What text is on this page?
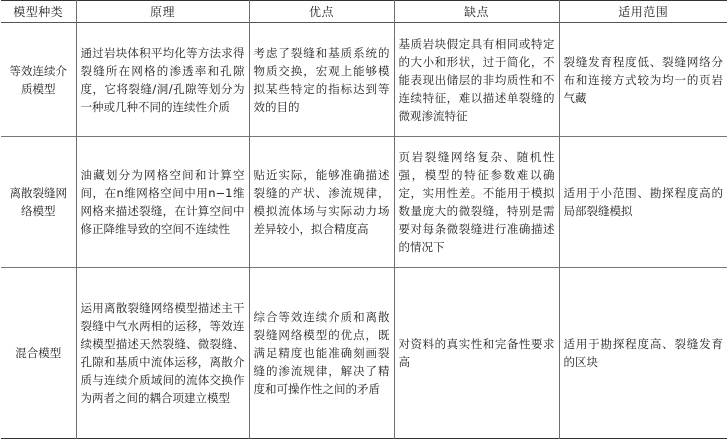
模型种类	原理	优点	缺点	适用范围
等效连续介质模型	通过岩块体积平均化等方法求得裂缝所在网格的渗透率和孔隙度，它将裂缝/洞/孔隙等划分为一种或几种不同的连续性介质	考虑了裂缝和基质系统的物质交换，宏观上能够模拟某些特定的指标达到等效的目的	基质岩块假定具有相同或特定的大小和形状，过于简化，不能表现出储层的非均质性和不连续特征，难以描述单裂缝的微观渗流特征	裂缝发育程度低、裂缝网络分布和连接方式较为均一的页岩气藏
离散裂缝网络模型	油藏划分为网格空间和计算空间，在n维网格空间中用n−1维网格来描述裂缝，在计算空间中修正降维导致的空间不连续性	贴近实际，能够准确描述裂缝的产状、渗流规律，模拟流体场与实际动力场差异较小，拟合精度高	页岩裂缝网络复杂、随机性强，模型的特征参数难以确定，实用性差。不能用于模拟数量庞大的微裂缝，特别是需要对每条微裂缝进行准确描述的情况下	适用于小范围、勘探程度高的局部裂缝模拟
混合模型	运用离散裂缝网络模型描述主干裂缝中气水两相的运移，等效连续模型描述天然裂缝、微裂缝、孔隙和基质中流体运移，离散介质与连续介质域间的流体交换作为两者之间的耦合项建立模型	综合等效连续介质和离散裂缝网络模型的优点，既满足精度也能准确刻画裂缝的渗流规律，解决了精度和可操作性之间的矛盾	对资料的真实性和完备性要求高	适用于勘探程度高、裂缝发育的区块
